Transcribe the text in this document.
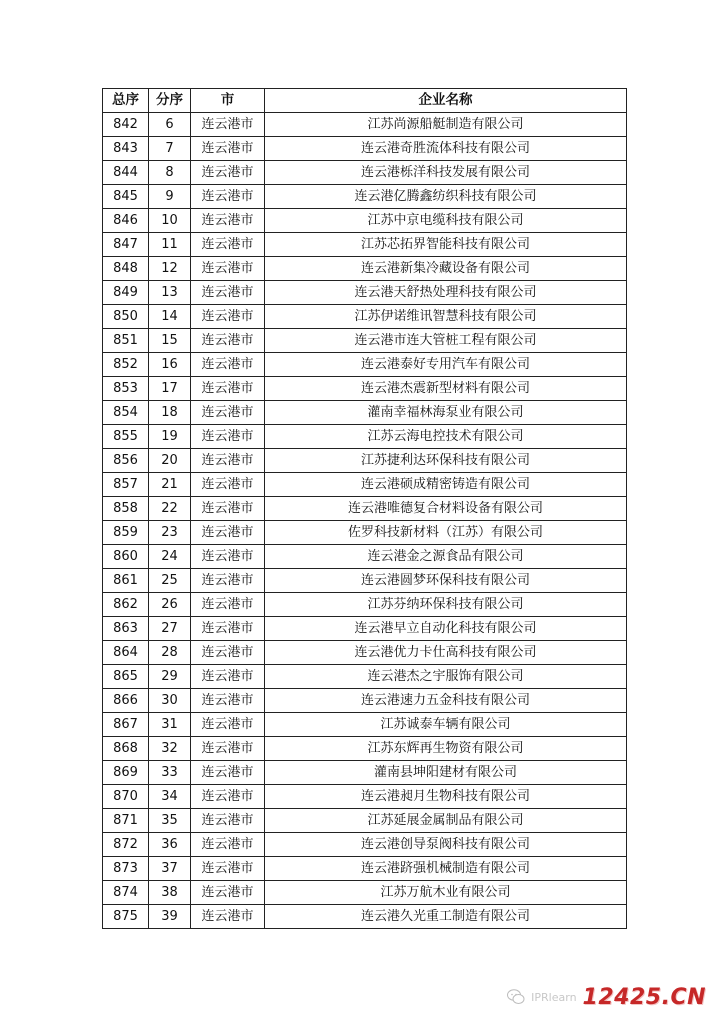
总序	分序	市	企业名称
842	6	连云港市	江苏尚源船艇制造有限公司
843	7	连云港市	连云港奇胜流体科技有限公司
844	8	连云港市	连云港栎洋科技发展有限公司
845	9	连云港市	连云港亿腾鑫纺织科技有限公司
846	10	连云港市	江苏中京电缆科技有限公司
847	11	连云港市	江苏芯拓界智能科技有限公司
848	12	连云港市	连云港新集冷藏设备有限公司
849	13	连云港市	连云港天舒热处理科技有限公司
850	14	连云港市	江苏伊诺维讯智慧科技有限公司
851	15	连云港市	连云港市连大管桩工程有限公司
852	16	连云港市	连云港泰好专用汽车有限公司
853	17	连云港市	连云港杰震新型材料有限公司
854	18	连云港市	灌南幸福林海泵业有限公司
855	19	连云港市	江苏云海电控技术有限公司
856	20	连云港市	江苏捷利达环保科技有限公司
857	21	连云港市	连云港硕成精密铸造有限公司
858	22	连云港市	连云港唯德复合材料设备有限公司
859	23	连云港市	佐罗科技新材料（江苏）有限公司
860	24	连云港市	连云港金之源食品有限公司
861	25	连云港市	连云港圆梦环保科技有限公司
862	26	连云港市	江苏芬纳环保科技有限公司
863	27	连云港市	连云港早立自动化科技有限公司
864	28	连云港市	连云港优力卡仕高科技有限公司
865	29	连云港市	连云港杰之宇服饰有限公司
866	30	连云港市	连云港速力五金科技有限公司
867	31	连云港市	江苏诚泰车辆有限公司
868	32	连云港市	江苏东辉再生物资有限公司
869	33	连云港市	灌南县坤阳建材有限公司
870	34	连云港市	连云港昶月生物科技有限公司
871	35	连云港市	江苏延展金属制品有限公司
872	36	连云港市	连云港创导泵阀科技有限公司
873	37	连云港市	连云港跻强机械制造有限公司
874	38	连云港市	江苏万航木业有限公司
875	39	连云港市	连云港久光重工制造有限公司
IPRlearn 12425.CN
